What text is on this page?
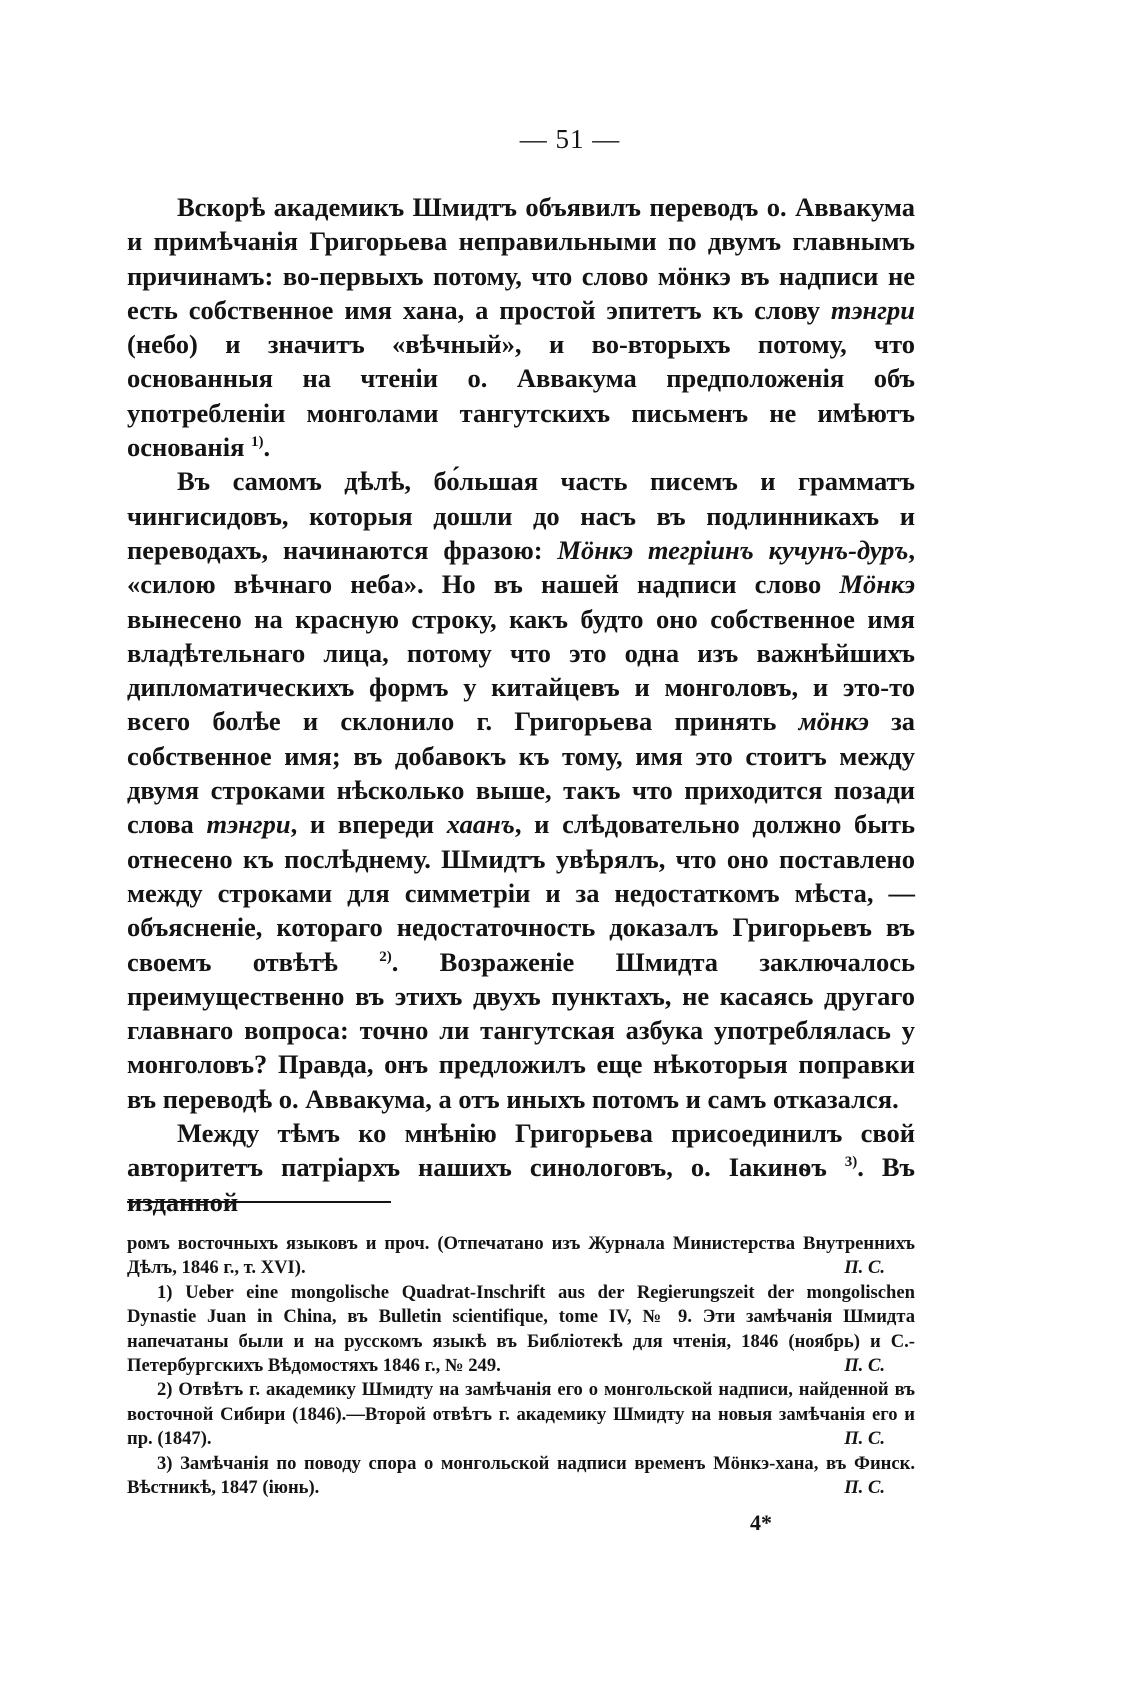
— 51 —

Вскорѣ академикъ Шмидтъ объявилъ переводъ о. Аввакума и примѣчанія Григорьева неправильными по двумъ главнымъ причинамъ: во-первыхъ потому, что слово мӧнкэ въ надписи не есть собственное имя хана, а простой эпитетъ къ слову тэнгри (небо) и значитъ «вѣчный», и во-вторыхъ потому, что основанныя на чтеніи о. Аввакума предположенія объ употребленіи монголами тангутскихъ письменъ не имѣютъ основанія $^{1)}$.

Въ самомъ дѣлѣ, бо́льшая часть писемъ и грамматъ чингисидовъ, которыя дошли до насъ въ подлинникахъ и переводахъ, начинаются фразою: Мӧнкэ тегрiинъ кучунъ-дуръ, «силою вѣчнаго неба». Но въ нашей надписи слово Мӧнкэ вынесено на красную строку, какъ будто оно собственное имя владѣтельнаго лица, потому что это одна изъ важнѣйшихъ дипломатическихъ формъ у китайцевъ и монголовъ, и это-то всего болѣе и склонило г. Григорьева принять мӧнкэ за собственное имя; въ добавокъ къ тому, имя это стоитъ между двумя строками нѣсколько выше, такъ что приходится позади слова тэнгри, и впереди хаанъ, и слѣдовательно должно быть отнесено къ послѣднему. Шмидтъ увѣрялъ, что оно поставлено между строками для симметріи и за недостаткомъ мѣста, — объясненіе, котораго недостаточность доказалъ Григорьевъ въ своемъ отвѣтѣ $^{2)}$. Возраженіе Шмидта заключалось преимущественно въ этихъ двухъ пунктахъ, не касаясь другаго главнаго вопроса: точно ли тангутская азбука употреблялась у монголовъ? Правда, онъ предложилъ еще нѣкоторыя поправки въ переводѣ о. Аввакума, а отъ иныхъ потомъ и самъ отказался.

Между тѣмъ ко мнѣнію Григорьева присоединилъ свой авторитетъ патріархъ нашихъ синологовъ, о. Іакинѳъ $^{3)}$. Въ изданной

ромъ восточныхъ языковъ и проч. (Отпечатано изъ Журнала Министерства Внутреннихъ Дѣлъ, 1846 г., т. XVI).	П. С.

1) Ueber eine mongolische Quadrat-Inschrift aus der Regierungszeit der mongolischen Dynastie Juan in China, въ Bulletin scientifique, tome IV, № 9. Эти замѣчанія Шмидта напечатаны были и на русскомъ языкѣ въ Библіотекѣ для чтенія, 1846 (ноябрь) и С.-Петербургскихъ Вѣдомостяхъ 1846 г., № 249.	П. С.

2) Отвѣтъ г. академику Шмидту на замѣчанія его о монгольской надписи, найденной въ восточной Сибири (1846).—Второй отвѣтъ г. академику Шмидту на новыя замѣчанія его и пр. (1847).	П. С.

3) Замѣчанія по поводу спора о монгольской надписи временъ Мӧнкэ-хана, въ Финск. Вѣстникѣ, 1847 (іюнь).	П. С.

4*
